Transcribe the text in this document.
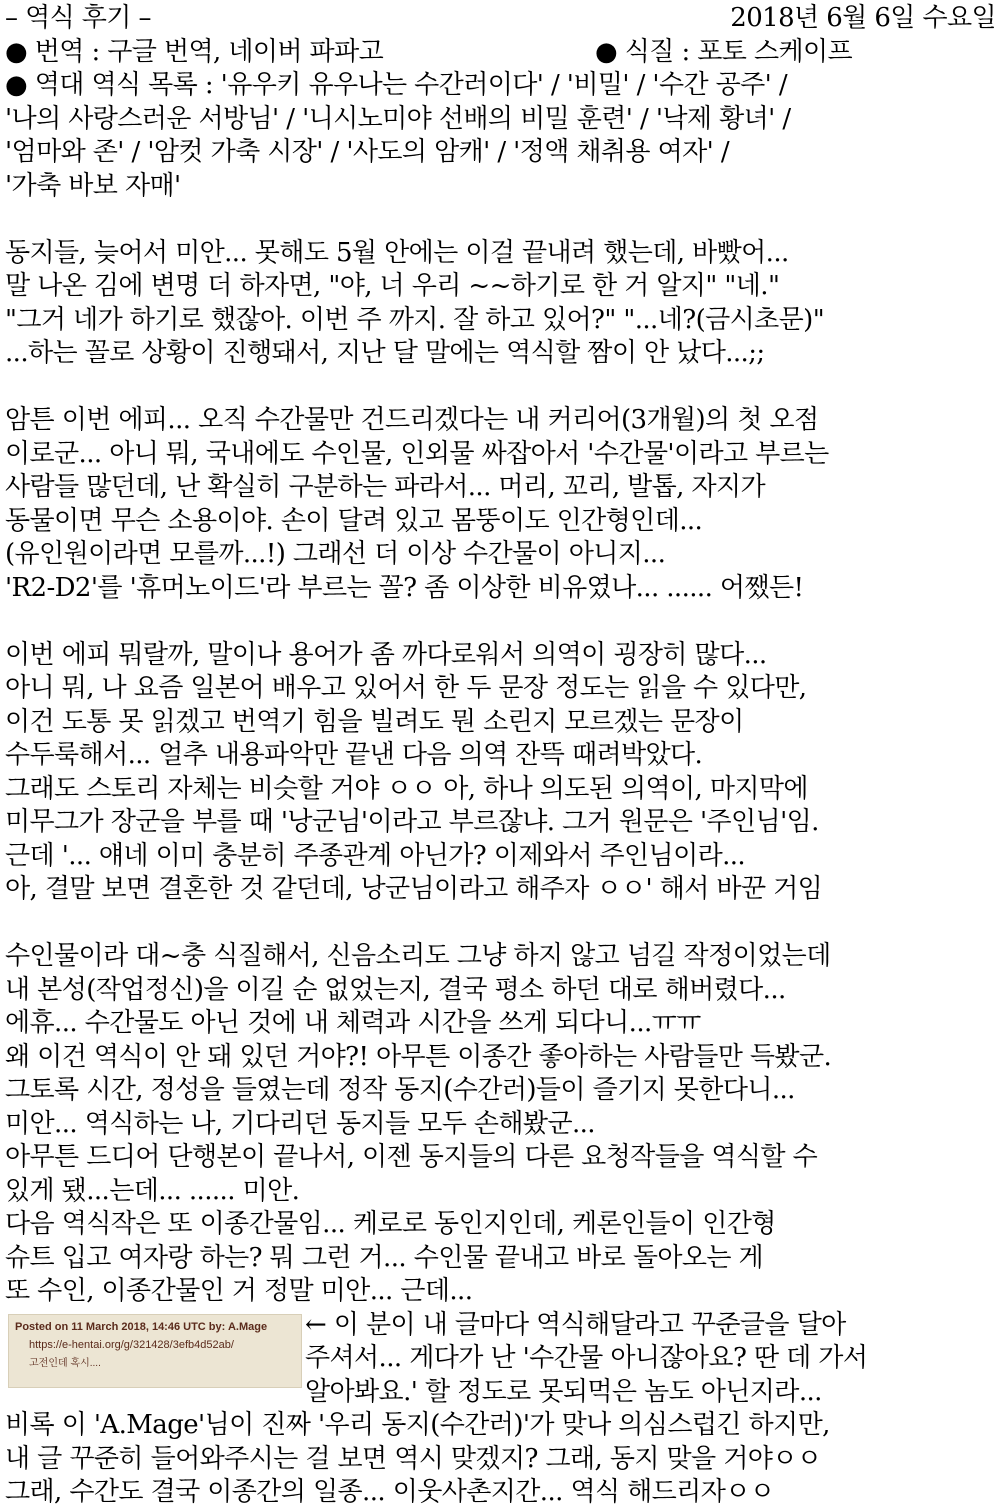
– 역식 후기 –	2018년 6월 6일 수요일
● 번역 : 구글 번역, 네이버 파파고
●	식질 : 포토 스케이프
● 역대 역식 목록 : '유우키 유우나는 수간러이다' / '비밀' / '수간 공주' /
'나의 사랑스러운 서방님' / '니시노미야 선배의 비밀 훈련' / '낙제 황녀' /
'엄마와 존' / '암컷 가축 시장' / '사도의 암캐' / '정액 채취용 여자' /
'가축 바보 자매'
동지들, 늦어서 미안... 못해도 5월 안에는 이걸 끝내려 했는데, 바빴어...
말 나온 김에 변명 더 하자면, "야, 너 우리 ~~하기로 한 거 알지" "네."
"그거 네가 하기로 했잖아. 이번 주 까지. 잘 하고 있어?" "...네?(금시초문)"
...하는 꼴로 상황이 진행돼서, 지난 달 말에는 역식할 짬이 안 났다...;;
암튼 이번 에피... 오직 수간물만 건드리겠다는 내 커리어(3개월)의 첫 오점
이로군... 아니 뭐, 국내에도 수인물, 인외물 싸잡아서 '수간물'이라고 부르는
사람들 많던데, 난 확실히 구분하는 파라서... 머리, 꼬리, 발톱, 자지가
동물이면 무슨 소용이야. 손이 달려 있고 몸뚱이도 인간형인데...
(유인원이라면 모를까...!) 그래선 더 이상 수간물이 아니지...
'R2-D2'를 '휴머노이드'라 부르는 꼴? 좀 이상한 비유였나... ...... 어쨌든!
이번 에피 뭐랄까, 말이나 용어가 좀 까다로워서 의역이 굉장히 많다...
아니 뭐, 나 요즘 일본어 배우고 있어서 한 두 문장 정도는 읽을 수 있다만,
이건 도통 못 읽겠고 번역기 힘을 빌려도 뭔 소린지 모르겠는 문장이
수두룩해서... 얼추 내용파악만 끝낸 다음 의역 잔뜩 때려박았다.
그래도 스토리 자체는 비슷할 거야 ㅇㅇ 아, 하나 의도된 의역이, 마지막에
미무그가 장군을 부를 때 '낭군님'이라고 부르잖냐. 그거 원문은 '주인님'임.
근데 '... 얘네 이미 충분히 주종관계 아닌가? 이제와서 주인님이라...
아, 결말 보면 결혼한 것 같던데, 낭군님이라고 해주자 ㅇㅇ' 해서 바꾼 거임
수인물이라 대~충 식질해서, 신음소리도 그냥 하지 않고 넘길 작정이었는데
내 본성(작업정신)을 이길 순 없었는지, 결국 평소 하던 대로 해버렸다...
에휴... 수간물도 아닌 것에 내 체력과 시간을 쓰게 되다니...ㅠㅠ
왜 이건 역식이 안 돼 있던 거야?! 아무튼 이종간 좋아하는 사람들만 득봤군.
그토록 시간, 정성을 들였는데 정작 동지(수간러)들이 즐기지 못한다니...
미안... 역식하는 나, 기다리던 동지들 모두 손해봤군...
아무튼 드디어 단행본이 끝나서, 이젠 동지들의 다른 요청작들을 역식할 수
있게 됐...는데... ...... 미안.
다음 역식작은 또 이종간물임... 케로로 동인지인데, 케론인들이 인간형
슈트 입고 여자랑 하는? 뭐 그런 거... 수인물 끝내고 바로 돌아오는 게
또 수인, 이종간물인 거 정말 미안... 근데...
Posted on 11 March 2018, 14:46 UTC by: A.Mage
https://e-hentai.org/g/321428/3efb4d52ab/
고전인데 혹시....
← 이 분이 내 글마다 역식해달라고 꾸준글을 달아
주셔서... 게다가 난 '수간물 아니잖아요? 딴 데 가서
알아봐요.' 할 정도로 못되먹은 놈도 아닌지라...
비록 이 'A.Mage'님이 진짜 '우리 동지(수간러)'가 맞나 의심스럽긴 하지만,
내 글 꾸준히 들어와주시는 걸 보면 역시 맞겠지? 그래, 동지 맞을 거야ㅇㅇ
그래, 수간도 결국 이종간의 일종... 이웃사촌지간... 역식 해드리자ㅇㅇ
